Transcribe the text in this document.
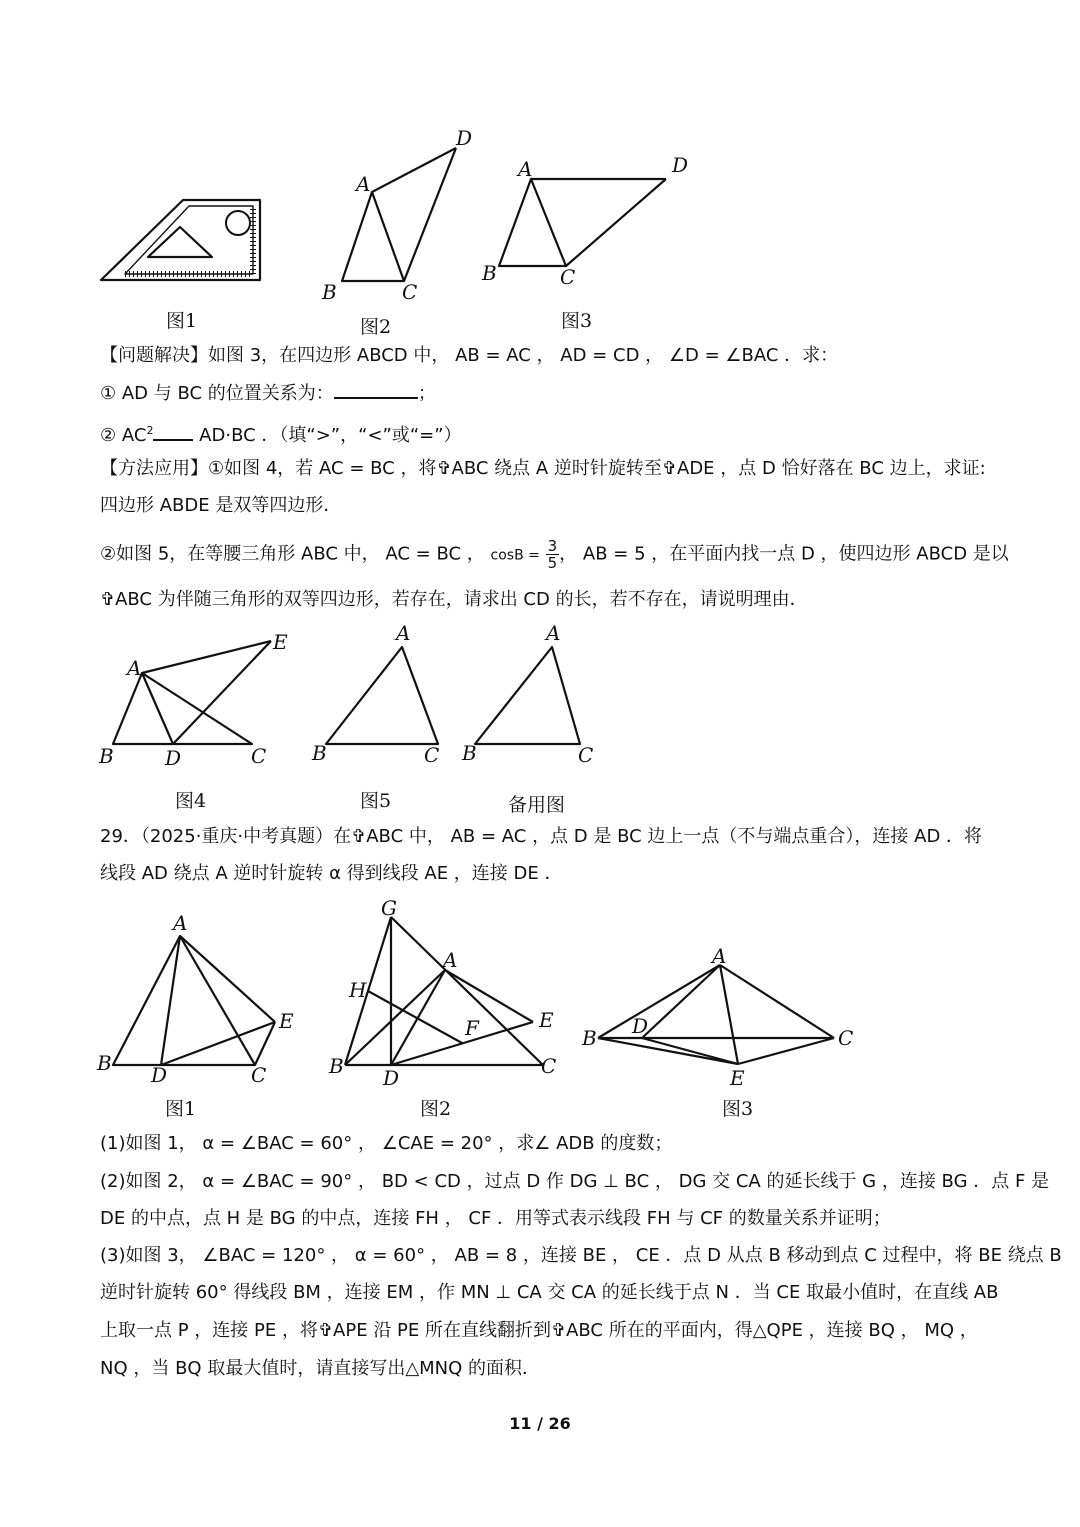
图1
A
B	C
D
图2
A
B	C
D
图3
【问题解决】如图 3，在四边形 ABCD 中， AB = AC ， AD = CD ， ∠D = ∠BAC ．求：
① AD 与 BC 的位置关系为：	；
② $AC^2$	AD·BC ．（填“>”，“<”或“=”）
【方法应用】①如图 4，若 AC = BC ，将✞ABC 绕点 A 逆时针旋转至✞ADE ，点 D 恰好落在 BC 边上，求证:
四边形 ABDE 是双等四边形．
②如图 5，在等腰三角形 ABC 中， AC = BC ， $\cos B = \frac{3}{5}$ ， AB = 5 ，在平面内找一点 D ，使四边形 ABCD 是以
✞ABC 为伴随三角形的双等四边形，若存在，请求出 CD 的长，若不存在，请说明理由．
A
B	C
D
E
图4
A
B	C
图5
A
B	C
备用图
29．（2025·重庆·中考真题）在✞ABC 中， AB = AC ，点 D 是 BC 边上一点（不与端点重合），连接 AD ．将
线段 AD 绕点 A 逆时针旋转 α 得到线段 AE ，连接 DE ．
A
B	C
D
E
图1
A
B	C
D
E
F
G
H
图2
A
B	C
D
E
图3
(1)如图 1， α = ∠BAC = 60° ， ∠CAE = 20° ，求∠ ADB 的度数；
(2)如图 2， α = ∠BAC = 90° ， BD < CD ，过点 D 作 DG ⊥ BC ， DG 交 CA 的延长线于 G ，连接 BG ．点 F 是
DE 的中点，点 H 是 BG 的中点，连接 FH ， CF ．用等式表示线段 FH 与 CF 的数量关系并证明；
(3)如图 3， ∠BAC = 120° ， α = 60° ， AB = 8 ，连接 BE ， CE ．点 D 从点 B 移动到点 C 过程中，将 BE 绕点 B
逆时针旋转 60° 得线段 BM ，连接 EM ，作 MN ⊥ CA 交 CA 的延长线于点 N ．当 CE 取最小值时，在直线 AB
上取一点 P ，连接 PE ，将✞APE 沿 PE 所在直线翻折到✞ABC 所在的平面内，得△QPE ，连接 BQ ， MQ ，
NQ ，当 BQ 取最大值时，请直接写出△MNQ 的面积．
11 / 26
